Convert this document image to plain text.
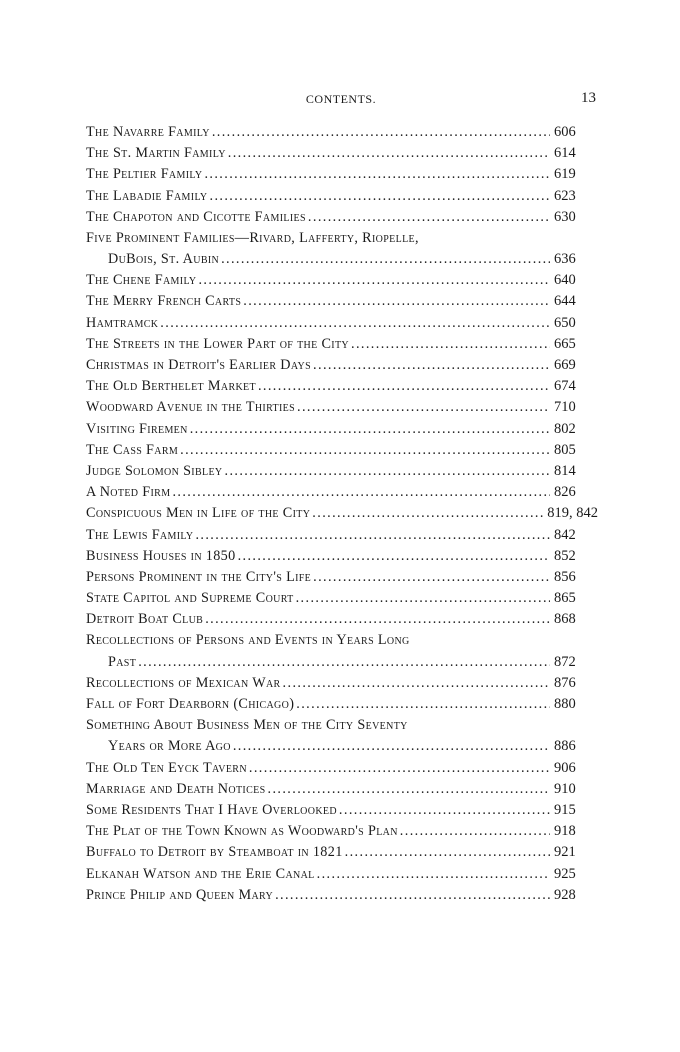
CONTENTS.	13
The Navarre Family .....	606
The St. Martin Family .....	614
The Peltier Family .....	619
The Labadie Family .....	623
The Chapoton and Cicotte Families .....	630
Five Prominent Families—Rivard, Lafferty, Riopelle,
DuBois, St. Aubin .....	636
The Chene Family .....	640
The Merry French Carts .....	644
Hamtramck .....	650
The Streets in the Lower Part of the City .....	665
Christmas in Detroit's Earlier Days .....	669
The Old Berthelet Market .....	674
Woodward Avenue in the Thirties .....	710
Visiting Firemen .....	802
The Cass Farm .....	805
Judge Solomon Sibley .....	814
A Noted Firm .....	826
Conspicuous Men in Life of the City .....	819, 842
The Lewis Family .....	842
Business Houses in 1850 .....	852
Persons Prominent in the City's Life .....	856
State Capitol and Supreme Court .....	865
Detroit Boat Club .....	868
Recollections of Persons and Events in Years Long
Past .....	872
Recollections of Mexican War .....	876
Fall of Fort Dearborn (Chicago) .....	880
Something About Business Men of the City Seventy
Years or More Ago .....	886
The Old Ten Eyck Tavern .....	906
Marriage and Death Notices .....	910
Some Residents That I Have Overlooked .....	915
The Plat of the Town Known as Woodward's Plan .....	918
Buffalo to Detroit by Steamboat in 1821 .....	921
Elkanah Watson and the Erie Canal .....	925
Prince Philip and Queen Mary .....	928
